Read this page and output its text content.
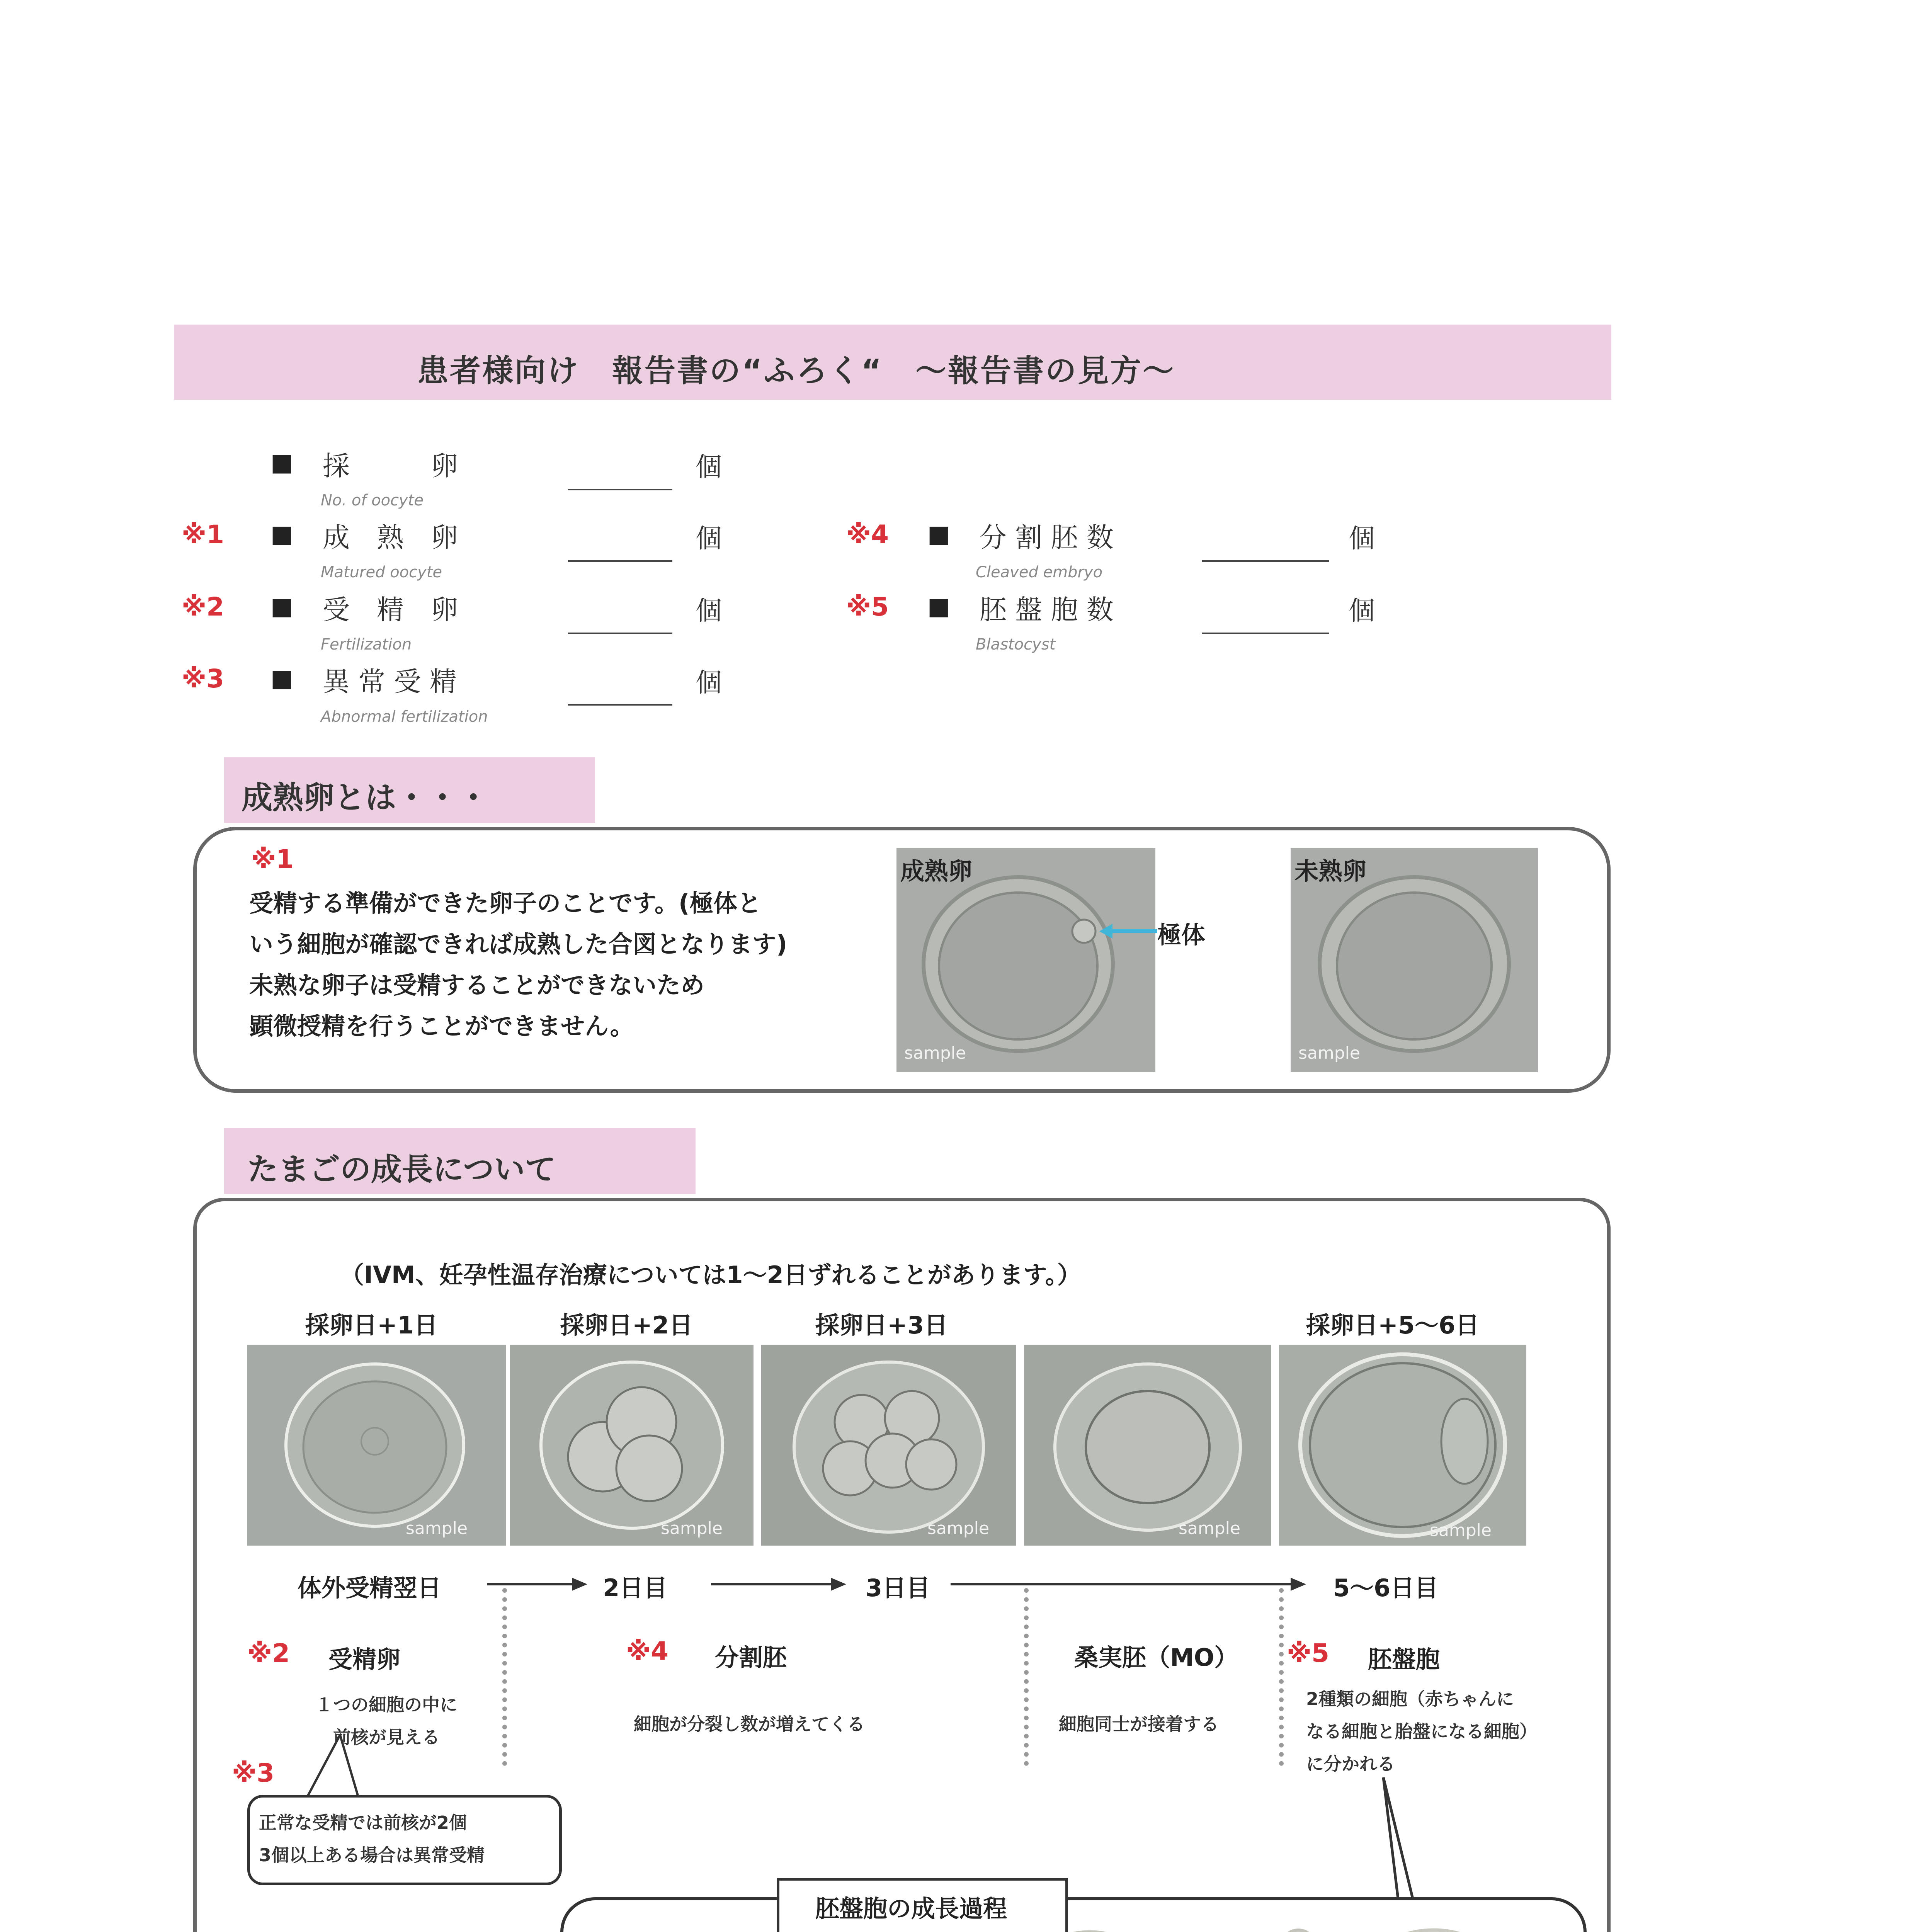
患者様向け　報告書の“ふろく“　～報告書の見方～
■ 採　　　卵
No. of oocyte
個
※1 ■ 成　熟　卵
Matured oocyte
個
※2 ■ 受　精　卵
Fertilization
個
※3 ■ 異 常 受 精
Abnormal fertilization
個
※4 ■ 分 割 胚 数
Cleaved embryo
個
※5 ■ 胚 盤 胞 数
Blastocyst
個
成熟卵とは・・・
※1
受精する準備ができた卵子のことです。(極体と
いう細胞が確認できれば成熟した合図となります)
未熟な卵子は受精することができないため
顕微授精を行うことができません。
成熟卵
sample
極体
未熟卵
sample
たまごの成長について
（IVM、妊孕性温存治療については1～2日ずれることがあります。）
採卵日+1日	採卵日+2日	採卵日+3日	採卵日+5～6日
sample	sample	sample	sample	sample
体外受精翌日	2日目	3日目	5～6日目
※2 受精卵
１つの細胞の中に
前核が見える
※3
正常な受精では前核が2個
3個以上ある場合は異常受精
※4 分割胚
細胞が分裂し数が増えてくる
桑実胚（MO）
細胞同士が接着する
※5 胚盤胞
2種類の細胞（赤ちゃんに
なる細胞と胎盤になる細胞）
に分かれる
胚盤胞の成長過程
